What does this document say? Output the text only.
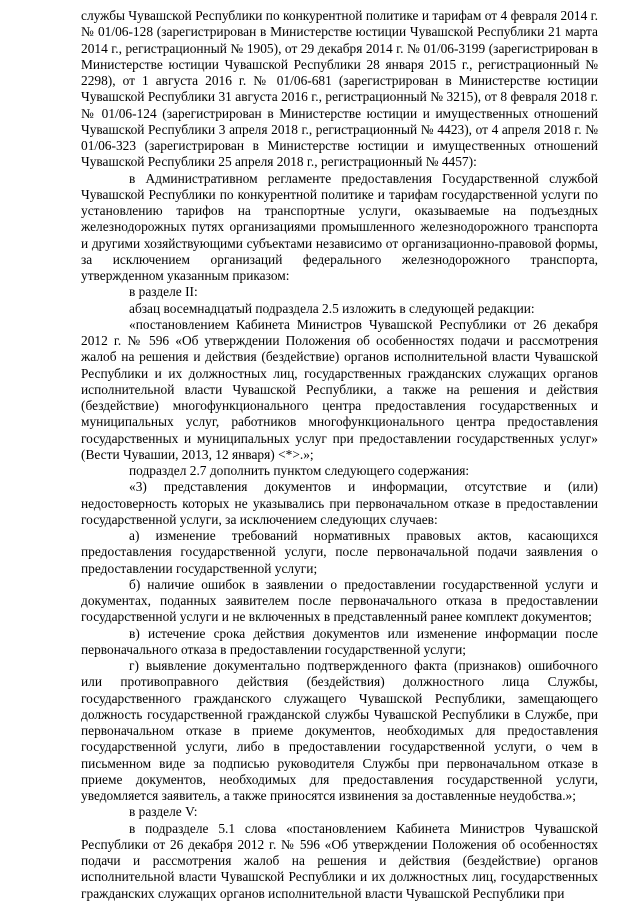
службы Чувашской Республики по конкурентной политике и тарифам от 4 февраля 2014 г. № 01/06-128 (зарегистрирован в Министерстве юстиции Чувашской Республики 21 марта 2014 г., регистрационный № 1905), от 29 декабря 2014 г. № 01/06-3199 (зарегистрирован в Министерстве юстиции Чувашской Республики 28 января 2015 г., регистрационный № 2298), от 1 августа 2016 г. № 01/06-681 (зарегистрирован в Министерстве юстиции Чувашской Республики 31 августа 2016 г., регистрационный № 3215), от 8 февраля 2018 г. № 01/06-124 (зарегистрирован в Министерстве юстиции и имущественных отношений Чувашской Республики 3 апреля 2018 г., регистрационный № 4423), от 4 апреля 2018 г. № 01/06-323 (зарегистрирован в Министерстве юстиции и имущественных отношений Чувашской Республики 25 апреля 2018 г., регистрационный № 4457):

в Административном регламенте предоставления Государственной службой Чувашской Республики по конкурентной политике и тарифам государственной услуги по установлению тарифов на транспортные услуги, оказываемые на подъездных железнодорожных путях организациями промышленного железнодорожного транспорта и другими хозяйствующими субъектами независимо от организационно-правовой формы, за исключением организаций федерального железнодорожного транспорта, утвержденном указанным приказом:

в разделе II:

абзац восемнадцатый подраздела 2.5 изложить в следующей редакции:

«постановлением Кабинета Министров Чувашской Республики от 26 декабря 2012 г. № 596 «Об утверждении Положения об особенностях подачи и рассмотрения жалоб на решения и действия (бездействие) органов исполнительной власти Чувашской Республики и их должностных лиц, государственных гражданских служащих органов исполнительной власти Чувашской Республики, а также на решения и действия (бездействие) многофункционального центра предоставления государственных и муниципальных услуг, работников многофункционального центра предоставления государственных и муниципальных услуг при предоставлении государственных услуг» (Вести Чувашии, 2013, 12 января) <*>.»;

подраздел 2.7 дополнить пунктом следующего содержания:

«3) представления документов и информации, отсутствие и (или) недостоверность которых не указывались при первоначальном отказе в предоставлении государственной услуги, за исключением следующих случаев:

а) изменение требований нормативных правовых актов, касающихся предоставления государственной услуги, после первоначальной подачи заявления о предоставлении государственной услуги;

б) наличие ошибок в заявлении о предоставлении государственной услуги и документах, поданных заявителем после первоначального отказа в предоставлении государственной услуги и не включенных в представленный ранее комплект документов;

в) истечение срока действия документов или изменение информации после первоначального отказа в предоставлении государственной услуги;

г) выявление документально подтвержденного факта (признаков) ошибочного или противоправного действия (бездействия) должностного лица Службы, государственного гражданского служащего Чувашской Республики, замещающего должность государственной гражданской службы Чувашской Республики в Службе, при первоначальном отказе в приеме документов, необходимых для предоставления государственной услуги, либо в предоставлении государственной услуги, о чем в письменном виде за подписью руководителя Службы при первоначальном отказе в приеме документов, необходимых для предоставления государственной услуги, уведомляется заявитель, а также приносятся извинения за доставленные неудобства.»;

в разделе V:

в подразделе 5.1 слова «постановлением Кабинета Министров Чувашской Республики от 26 декабря 2012 г. № 596 «Об утверждении Положения об особенностях подачи и рассмотрения жалоб на решения и действия (бездействие) органов исполнительной власти Чувашской Республики и их должностных лиц, государственных гражданских служащих органов исполнительной власти Чувашской Республики при
